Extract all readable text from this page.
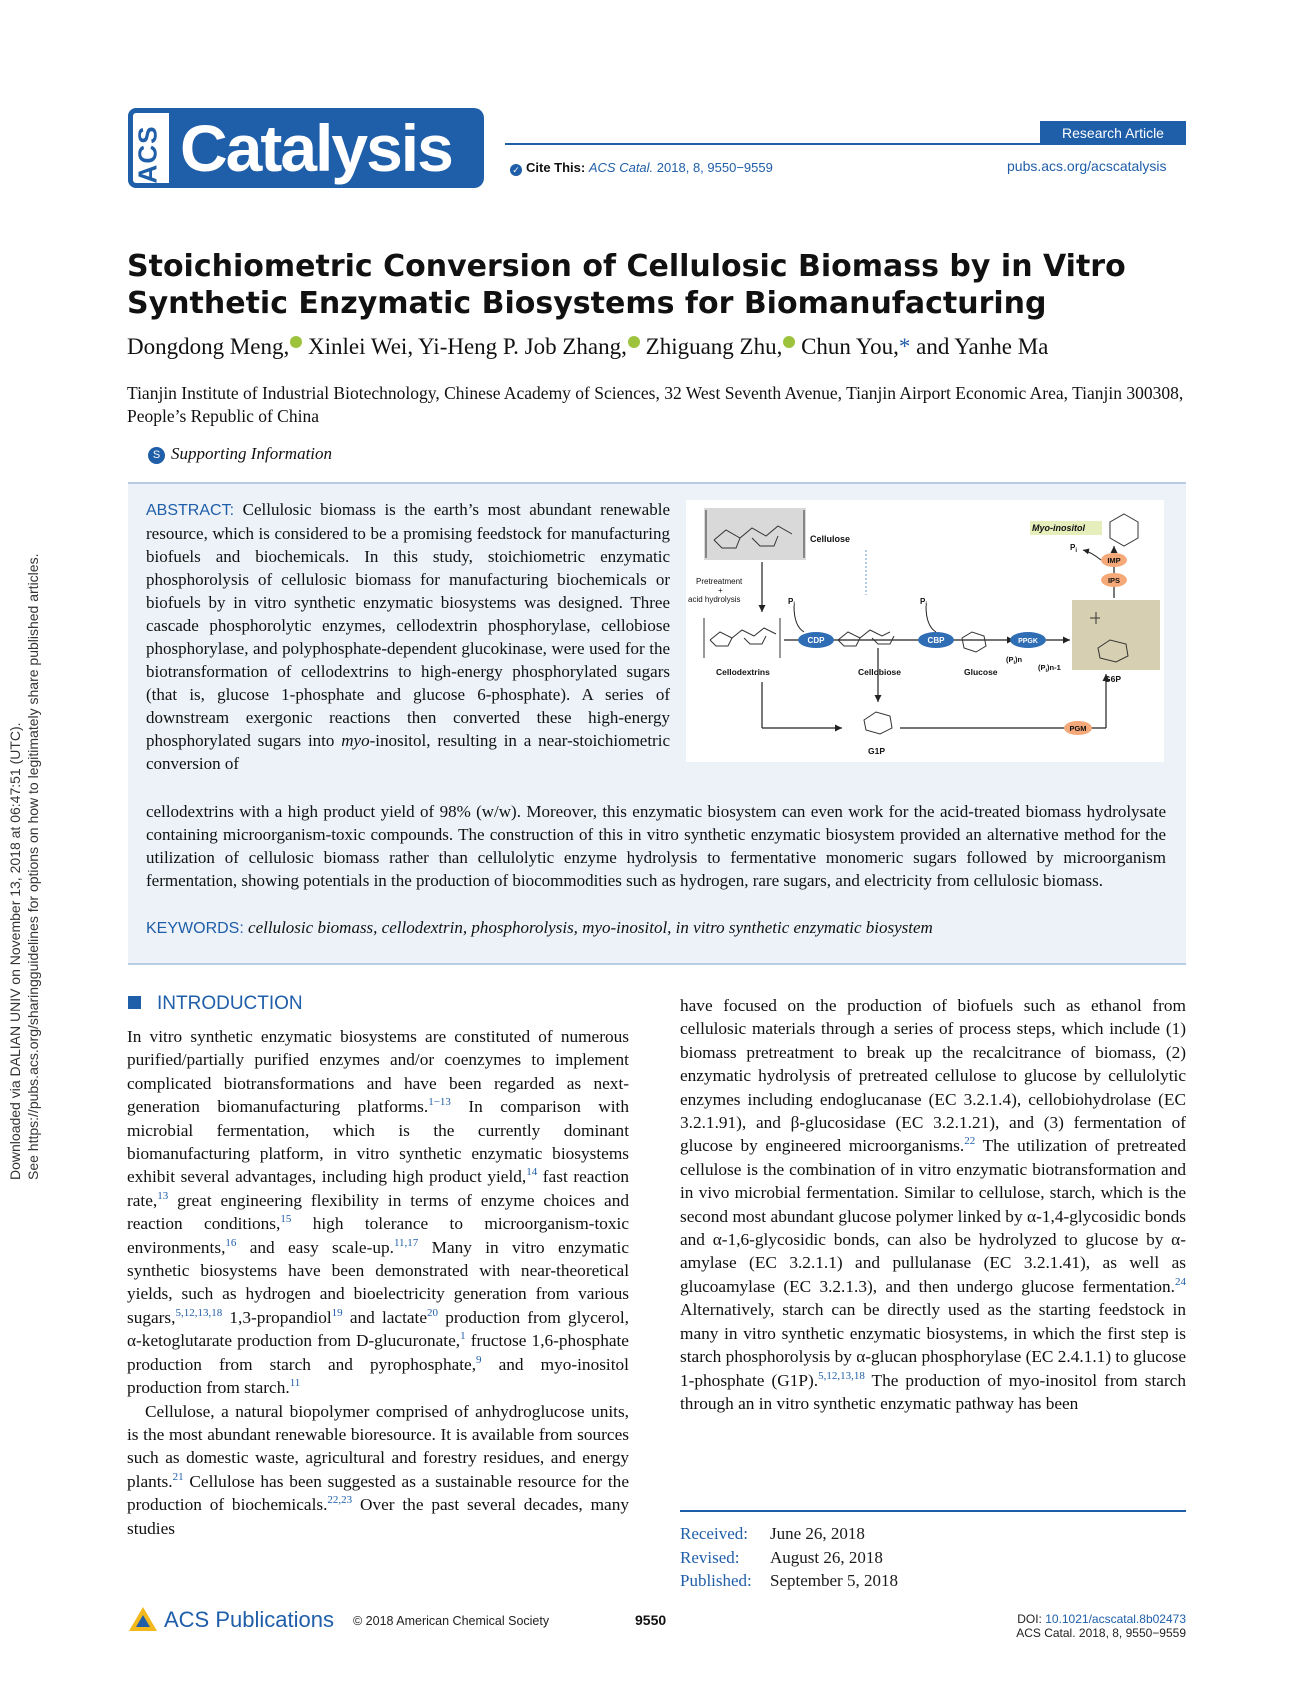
Downloaded via DALIAN UNIV on November 13, 2018 at 06:47:51 (UTC). See https://pubs.acs.org/sharingguidelines for options on how to legitimately share published articles.
ACS Catalysis	Research Article
✓ Cite This: ACS Catal. 2018, 8, 9550−9559	pubs.acs.org/acscatalysis
Stoichiometric Conversion of Cellulosic Biomass by in Vitro
Synthetic Enzymatic Biosystems for Biomanufacturing
Dongdong Meng, Xinlei Wei, Yi-Heng P. Job Zhang, Zhiguang Zhu, Chun You,* and Yanhe Ma
Tianjin Institute of Industrial Biotechnology, Chinese Academy of Sciences, 32 West Seventh Avenue, Tianjin Airport Economic Area, Tianjin 300308, People’s Republic of China
S Supporting Information
ABSTRACT: Cellulosic biomass is the earth’s most abundant renewable resource, which is considered to be a promising feedstock for manufacturing biofuels and biochemicals. In this study, stoichiometric enzymatic phosphorolysis of cellulosic biomass for manufacturing biochemicals or biofuels by in vitro synthetic enzymatic biosystems was designed. Three cascade phosphorolytic enzymes, cellodextrin phosphorylase, cellobiose phosphorylase, and polyphosphate-dependent glucokinase, were used for the biotransformation of cellodextrins to high-energy phosphorylated sugars (that is, glucose 1-phosphate and glucose 6-phosphate). A series of downstream exergonic reactions then converted these high-energy phosphorylated sugars into myo-inositol, resulting in a near-stoichiometric conversion of
cellodextrins with a high product yield of 98% (w/w). Moreover, this enzymatic biosystem can even work for the acid-treated biomass hydrolysate containing microorganism-toxic compounds. The construction of this in vitro synthetic enzymatic biosystem provided an alternative method for the utilization of cellulosic biomass rather than cellulolytic enzyme hydrolysis to fermentative monomeric sugars followed by microorganism fermentation, showing potentials in the production of biocommodities such as hydrogen, rare sugars, and electricity from cellulosic biomass.
KEYWORDS: cellulosic biomass, cellodextrin, phosphorolysis, myo-inositol, in vitro synthetic enzymatic biosystem
Cellulose
Myo-inositol
Pretreatment
+
acid hydrolysis
Cellodextrins
$P_i$	$P_i$
CDP
Cellobiose
CBP
Glucose
PPGK
$(P_i)n$
$(P_i)n-1$
G6P
IPS
IMP
$P_i$
G1P
PGM
INTRODUCTION

In vitro synthetic enzymatic biosystems are constituted of numerous purified/partially purified enzymes and/or coenzymes to implement complicated biotransformations and have been regarded as next-generation biomanufacturing platforms.$^{1-13}$ In comparison with microbial fermentation, which is the currently dominant biomanufacturing platform, in vitro synthetic enzymatic biosystems exhibit several advantages, including high product yield,$^{14}$ fast reaction rate,$^{13}$ great engineering flexibility in terms of enzyme choices and reaction conditions,$^{15}$ high tolerance to microorganism-toxic environments,$^{16}$ and easy scale-up.$^{11,17}$ Many in vitro enzymatic synthetic biosystems have been demonstrated with near-theoretical yields, such as hydrogen and bioelectricity generation from various sugars,$^{5,12,13,18}$ 1,3-propandiol$^{19}$ and lactate$^{20}$ production from glycerol, α-ketoglutarate production from D-glucuronate,$^1$ fructose 1,6-phosphate production from starch and pyrophosphate,$^9$ and myo-inositol production from starch.$^{11}$

Cellulose, a natural biopolymer comprised of anhydroglucose units, is the most abundant renewable bioresource. It is available from sources such as domestic waste, agricultural and forestry residues, and energy plants.$^{21}$ Cellulose has been suggested as a sustainable resource for the production of biochemicals.$^{22,23}$ Over the past several decades, many studies

have focused on the production of biofuels such as ethanol from cellulosic materials through a series of process steps, which include (1) biomass pretreatment to break up the recalcitrance of biomass, (2) enzymatic hydrolysis of pretreated cellulose to glucose by cellulolytic enzymes including endoglucanase (EC 3.2.1.4), cellobiohydrolase (EC 3.2.1.91), and β-glucosidase (EC 3.2.1.21), and (3) fermentation of glucose by engineered microorganisms.$^{22}$ The utilization of pretreated cellulose is the combination of in vitro enzymatic biotransformation and in vivo microbial fermentation. Similar to cellulose, starch, which is the second most abundant glucose polymer linked by α-1,4-glycosidic bonds and α-1,6-glycosidic bonds, can also be hydrolyzed to glucose by α-amylase (EC 3.2.1.1) and pullulanase (EC 3.2.1.41), as well as glucoamylase (EC 3.2.1.3), and then undergo glucose fermentation.$^{24}$ Alternatively, starch can be directly used as the starting feedstock in many in vitro synthetic enzymatic biosystems, in which the first step is starch phosphorolysis by α-glucan phosphorylase (EC 2.4.1.1) to glucose 1-phosphate (G1P).$^{5,12,13,18}$ The production of myo-inositol from starch through an in vitro synthetic enzymatic pathway has been

Received: June 26, 2018
Revised: August 26, 2018
Published: September 5, 2018
ACS Publications © 2018 American Chemical Society	9550	DOI: 10.1021/acscatal.8b02473
ACS Catal. 2018, 8, 9550−9559
